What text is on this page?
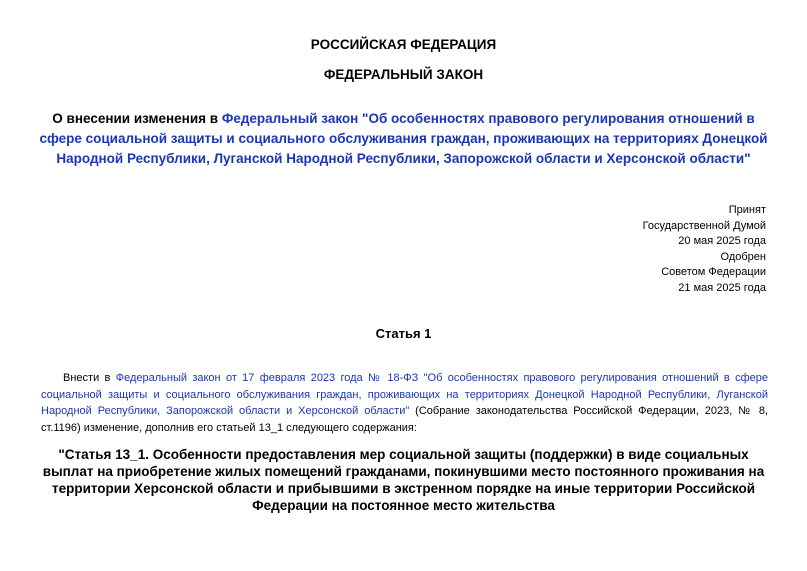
РОССИЙСКАЯ ФЕДЕРАЦИЯ
ФЕДЕРАЛЬНЫЙ ЗАКОН
О внесении изменения в Федеральный закон "Об особенностях правового регулирования отношений в сфере социальной защиты и социального обслуживания граждан, проживающих на территориях Донецкой Народной Республики, Луганской Народной Республики, Запорожской области и Херсонской области"
Принят
Государственной Думой
20 мая 2025 года
Одобрен
Советом Федерации
21 мая 2025 года
Статья 1
Внести в Федеральный закон от 17 февраля 2023 года № 18-ФЗ "Об особенностях правового регулирования отношений в сфере социальной защиты и социального обслуживания граждан, проживающих на территориях Донецкой Народной Республики, Луганской Народной Республики, Запорожской области и Херсонской области" (Собрание законодательства Российской Федерации, 2023, № 8, ст.1196) изменение, дополнив его статьей 13_1 следующего содержания:
"Статья 13_1. Особенности предоставления мер социальной защиты (поддержки) в виде социальных выплат на приобретение жилых помещений гражданами, покинувшими место постоянного проживания на территории Херсонской области и прибывшими в экстренном порядке на иные территории Российской Федерации на постоянное место жительства
